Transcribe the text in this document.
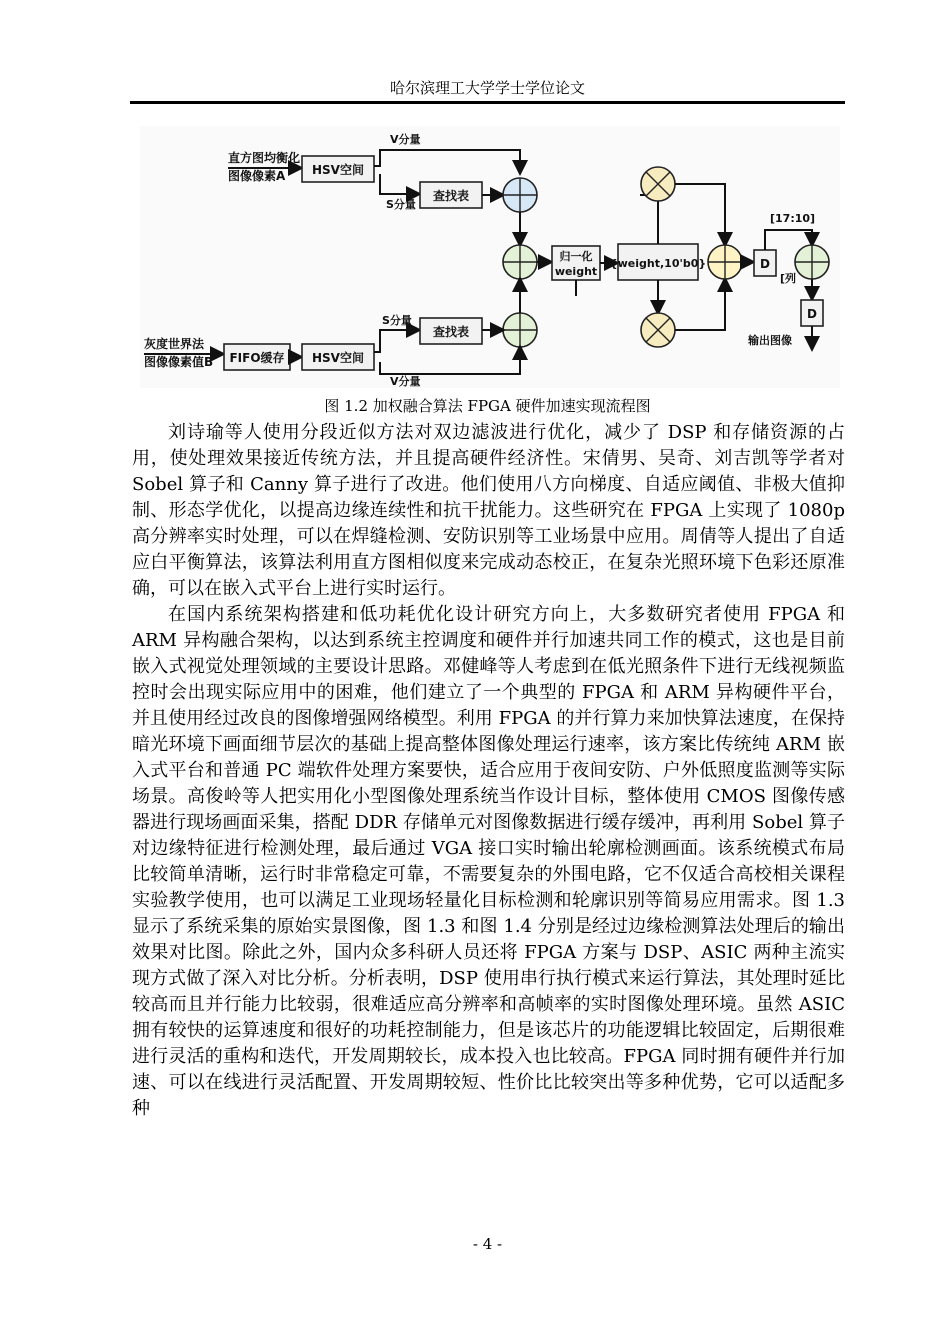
哈尔滨理工大学学士学位论文
直方图均衡化
图像像素A HSV空间
V分量
S分量
查找表
归一化
weight
{weight,10'b0}	D
[17:10]
[列
D
输出图像
灰度世界法
图像像素值B FIFO缓存 HSV空间
S分量
查找表
V分量
图 1.2 加权融合算法 FPGA 硬件加速实现流程图

刘诗瑜等人使用分段近似方法对双边滤波进行优化，减少了 DSP 和存储资源的占用，使处理效果接近传统方法，并且提高硬件经济性。宋倩男、吴奇、刘吉凯等学者对 Sobel 算子和 Canny 算子进行了改进。他们使用八方向梯度、自适应阈值、非极大值抑制、形态学优化，以提高边缘连续性和抗干扰能力。这些研究在 FPGA 上实现了 1080p 高分辨率实时处理，可以在焊缝检测、安防识别等工业场景中应用。周倩等人提出了自适应白平衡算法，该算法利用直方图相似度来完成动态校正，在复杂光照环境下色彩还原准确，可以在嵌入式平台上进行实时运行。

在国内系统架构搭建和低功耗优化设计研究方向上，大多数研究者使用 FPGA 和 ARM 异构融合架构，以达到系统主控调度和硬件并行加速共同工作的模式，这也是目前嵌入式视觉处理领域的主要设计思路。邓健峰等人考虑到在低光照条件下进行无线视频监控时会出现实际应用中的困难，他们建立了一个典型的 FPGA 和 ARM 异构硬件平台，并且使用经过改良的图像增强网络模型。利用 FPGA 的并行算力来加快算法速度，在保持暗光环境下画面细节层次的基础上提高整体图像处理运行速率，该方案比传统纯 ARM 嵌入式平台和普通 PC 端软件处理方案要快，适合应用于夜间安防、户外低照度监测等实际场景。高俊岭等人把实用化小型图像处理系统当作设计目标，整体使用 CMOS 图像传感器进行现场画面采集，搭配 DDR 存储单元对图像数据进行缓存缓冲，再利用 Sobel 算子对边缘特征进行检测处理，最后通过 VGA 接口实时输出轮廓检测画面。该系统模式布局比较简单清晰，运行时非常稳定可靠，不需要复杂的外围电路，它不仅适合高校相关课程实验教学使用，也可以满足工业现场轻量化目标检测和轮廓识别等简易应用需求。图 1.3 显示了系统采集的原始实景图像，图 1.3 和图 1.4 分别是经过边缘检测算法处理后的输出效果对比图。除此之外，国内众多科研人员还将 FPGA 方案与 DSP、ASIC 两种主流实现方式做了深入对比分析。分析表明，DSP 使用串行执行模式来运行算法，其处理时延比较高而且并行能力比较弱，很难适应高分辨率和高帧率的实时图像处理环境。虽然 ASIC 拥有较快的运算速度和很好的功耗控制能力，但是该芯片的功能逻辑比较固定，后期很难进行灵活的重构和迭代，开发周期较长，成本投入也比较高。FPGA 同时拥有硬件并行加速、可以在线进行灵活配置、开发周期较短、性价比比较突出等多种优势，它可以适配多种

- 4 -
